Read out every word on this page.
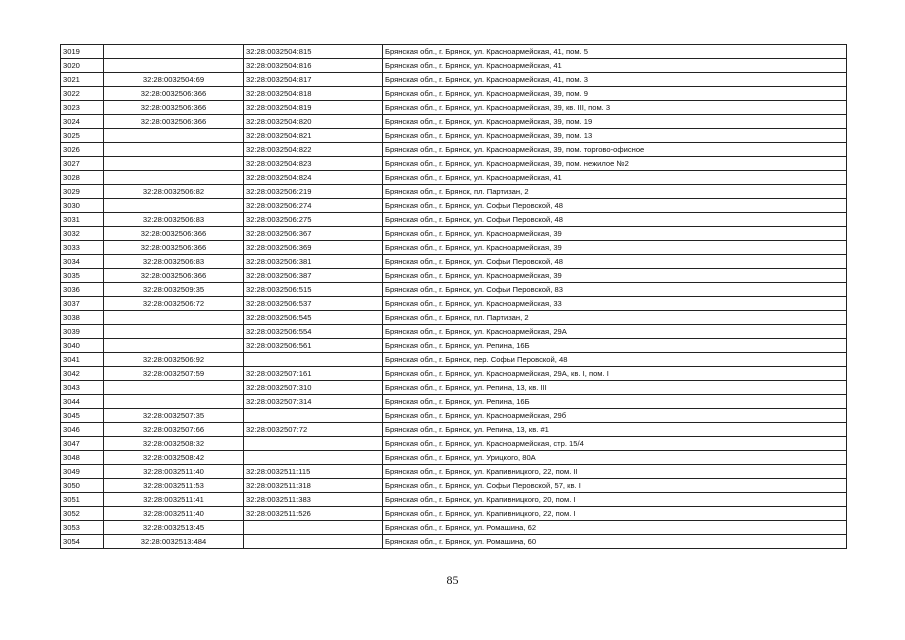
3019		32:28:0032504:815	Брянская обл., г. Брянск, ул. Красноармейская, 41, пом. 5
3020		32:28:0032504:816	Брянская обл., г. Брянск, ул. Красноармейская, 41
3021	32:28:0032504:69	32:28:0032504:817	Брянская обл., г. Брянск, ул. Красноармейская, 41, пом. 3
3022	32:28:0032506:366	32:28:0032504:818	Брянская обл., г. Брянск, ул. Красноармейская, 39, пом. 9
3023	32:28:0032506:366	32:28:0032504:819	Брянская обл., г. Брянск, ул. Красноармейская, 39, кв. III, пом. 3
3024	32:28:0032506:366	32:28:0032504:820	Брянская обл., г. Брянск, ул. Красноармейская, 39, пом. 19
3025		32:28:0032504:821	Брянская обл., г. Брянск, ул. Красноармейская, 39, пом. 13
3026		32:28:0032504:822	Брянская обл., г. Брянск, ул. Красноармейская, 39, пом. торгово-офисное
3027		32:28:0032504:823	Брянская обл., г. Брянск, ул. Красноармейская, 39, пом. нежилое №2
3028		32:28:0032504:824	Брянская обл., г. Брянск, ул. Красноармейская, 41
3029	32:28:0032506:82	32:28:0032506:219	Брянская обл., г. Брянск, пл. Партизан, 2
3030		32:28:0032506:274	Брянская обл., г. Брянск, ул. Софьи Перовской, 48
3031	32:28:0032506:83	32:28:0032506:275	Брянская обл., г. Брянск, ул. Софьи Перовской, 48
3032	32:28:0032506:366	32:28:0032506:367	Брянская обл., г. Брянск, ул. Красноармейская, 39
3033	32:28:0032506:366	32:28:0032506:369	Брянская обл., г. Брянск, ул. Красноармейская, 39
3034	32:28:0032506:83	32:28:0032506:381	Брянская обл., г. Брянск, ул. Софьи Перовской, 48
3035	32:28:0032506:366	32:28:0032506:387	Брянская обл., г. Брянск, ул. Красноармейская, 39
3036	32:28:0032509:35	32:28:0032506:515	Брянская обл., г. Брянск, ул. Софьи Перовской, 83
3037	32:28:0032506:72	32:28:0032506:537	Брянская обл., г. Брянск, ул. Красноармейская, 33
3038		32:28:0032506:545	Брянская обл., г. Брянск, пл. Партизан, 2
3039		32:28:0032506:554	Брянская обл., г. Брянск, ул. Красноармейская, 29А
3040		32:28:0032506:561	Брянская обл., г. Брянск, ул. Репина, 16Б
3041	32:28:0032506:92		Брянская обл., г. Брянск, пер. Софьи Перовской, 48
3042	32:28:0032507:59	32:28:0032507:161	Брянская обл., г. Брянск, ул. Красноармейская, 29А, кв. I, пом. I
3043		32:28:0032507:310	Брянская обл., г. Брянск, ул. Репина, 13, кв. III
3044		32:28:0032507:314	Брянская обл., г. Брянск, ул. Репина, 16Б
3045	32:28:0032507:35		Брянская обл., г. Брянск, ул. Красноармейская, 29б
3046	32:28:0032507:66	32:28:0032507:72	Брянская обл., г. Брянск, ул. Репина, 13, кв. #1
3047	32:28:0032508:32		Брянская обл., г. Брянск, ул. Красноармейская, стр. 15/4
3048	32:28:0032508:42		Брянская обл., г. Брянск, ул. Урицкого, 80А
3049	32:28:0032511:40	32:28:0032511:115	Брянская обл., г. Брянск, ул. Крапивницкого, 22, пом. II
3050	32:28:0032511:53	32:28:0032511:318	Брянская обл., г. Брянск, ул. Софьи Перовской, 57, кв. I
3051	32:28:0032511:41	32:28:0032511:383	Брянская обл., г. Брянск, ул. Крапивницкого, 20, пом. I
3052	32:28:0032511:40	32:28:0032511:526	Брянская обл., г. Брянск, ул. Крапивницкого, 22, пом. I
3053	32:28:0032513:45		Брянская обл., г. Брянск, ул. Ромашина, 62
3054	32:28:0032513:484		Брянская обл., г. Брянск, ул. Ромашина, 60
85
